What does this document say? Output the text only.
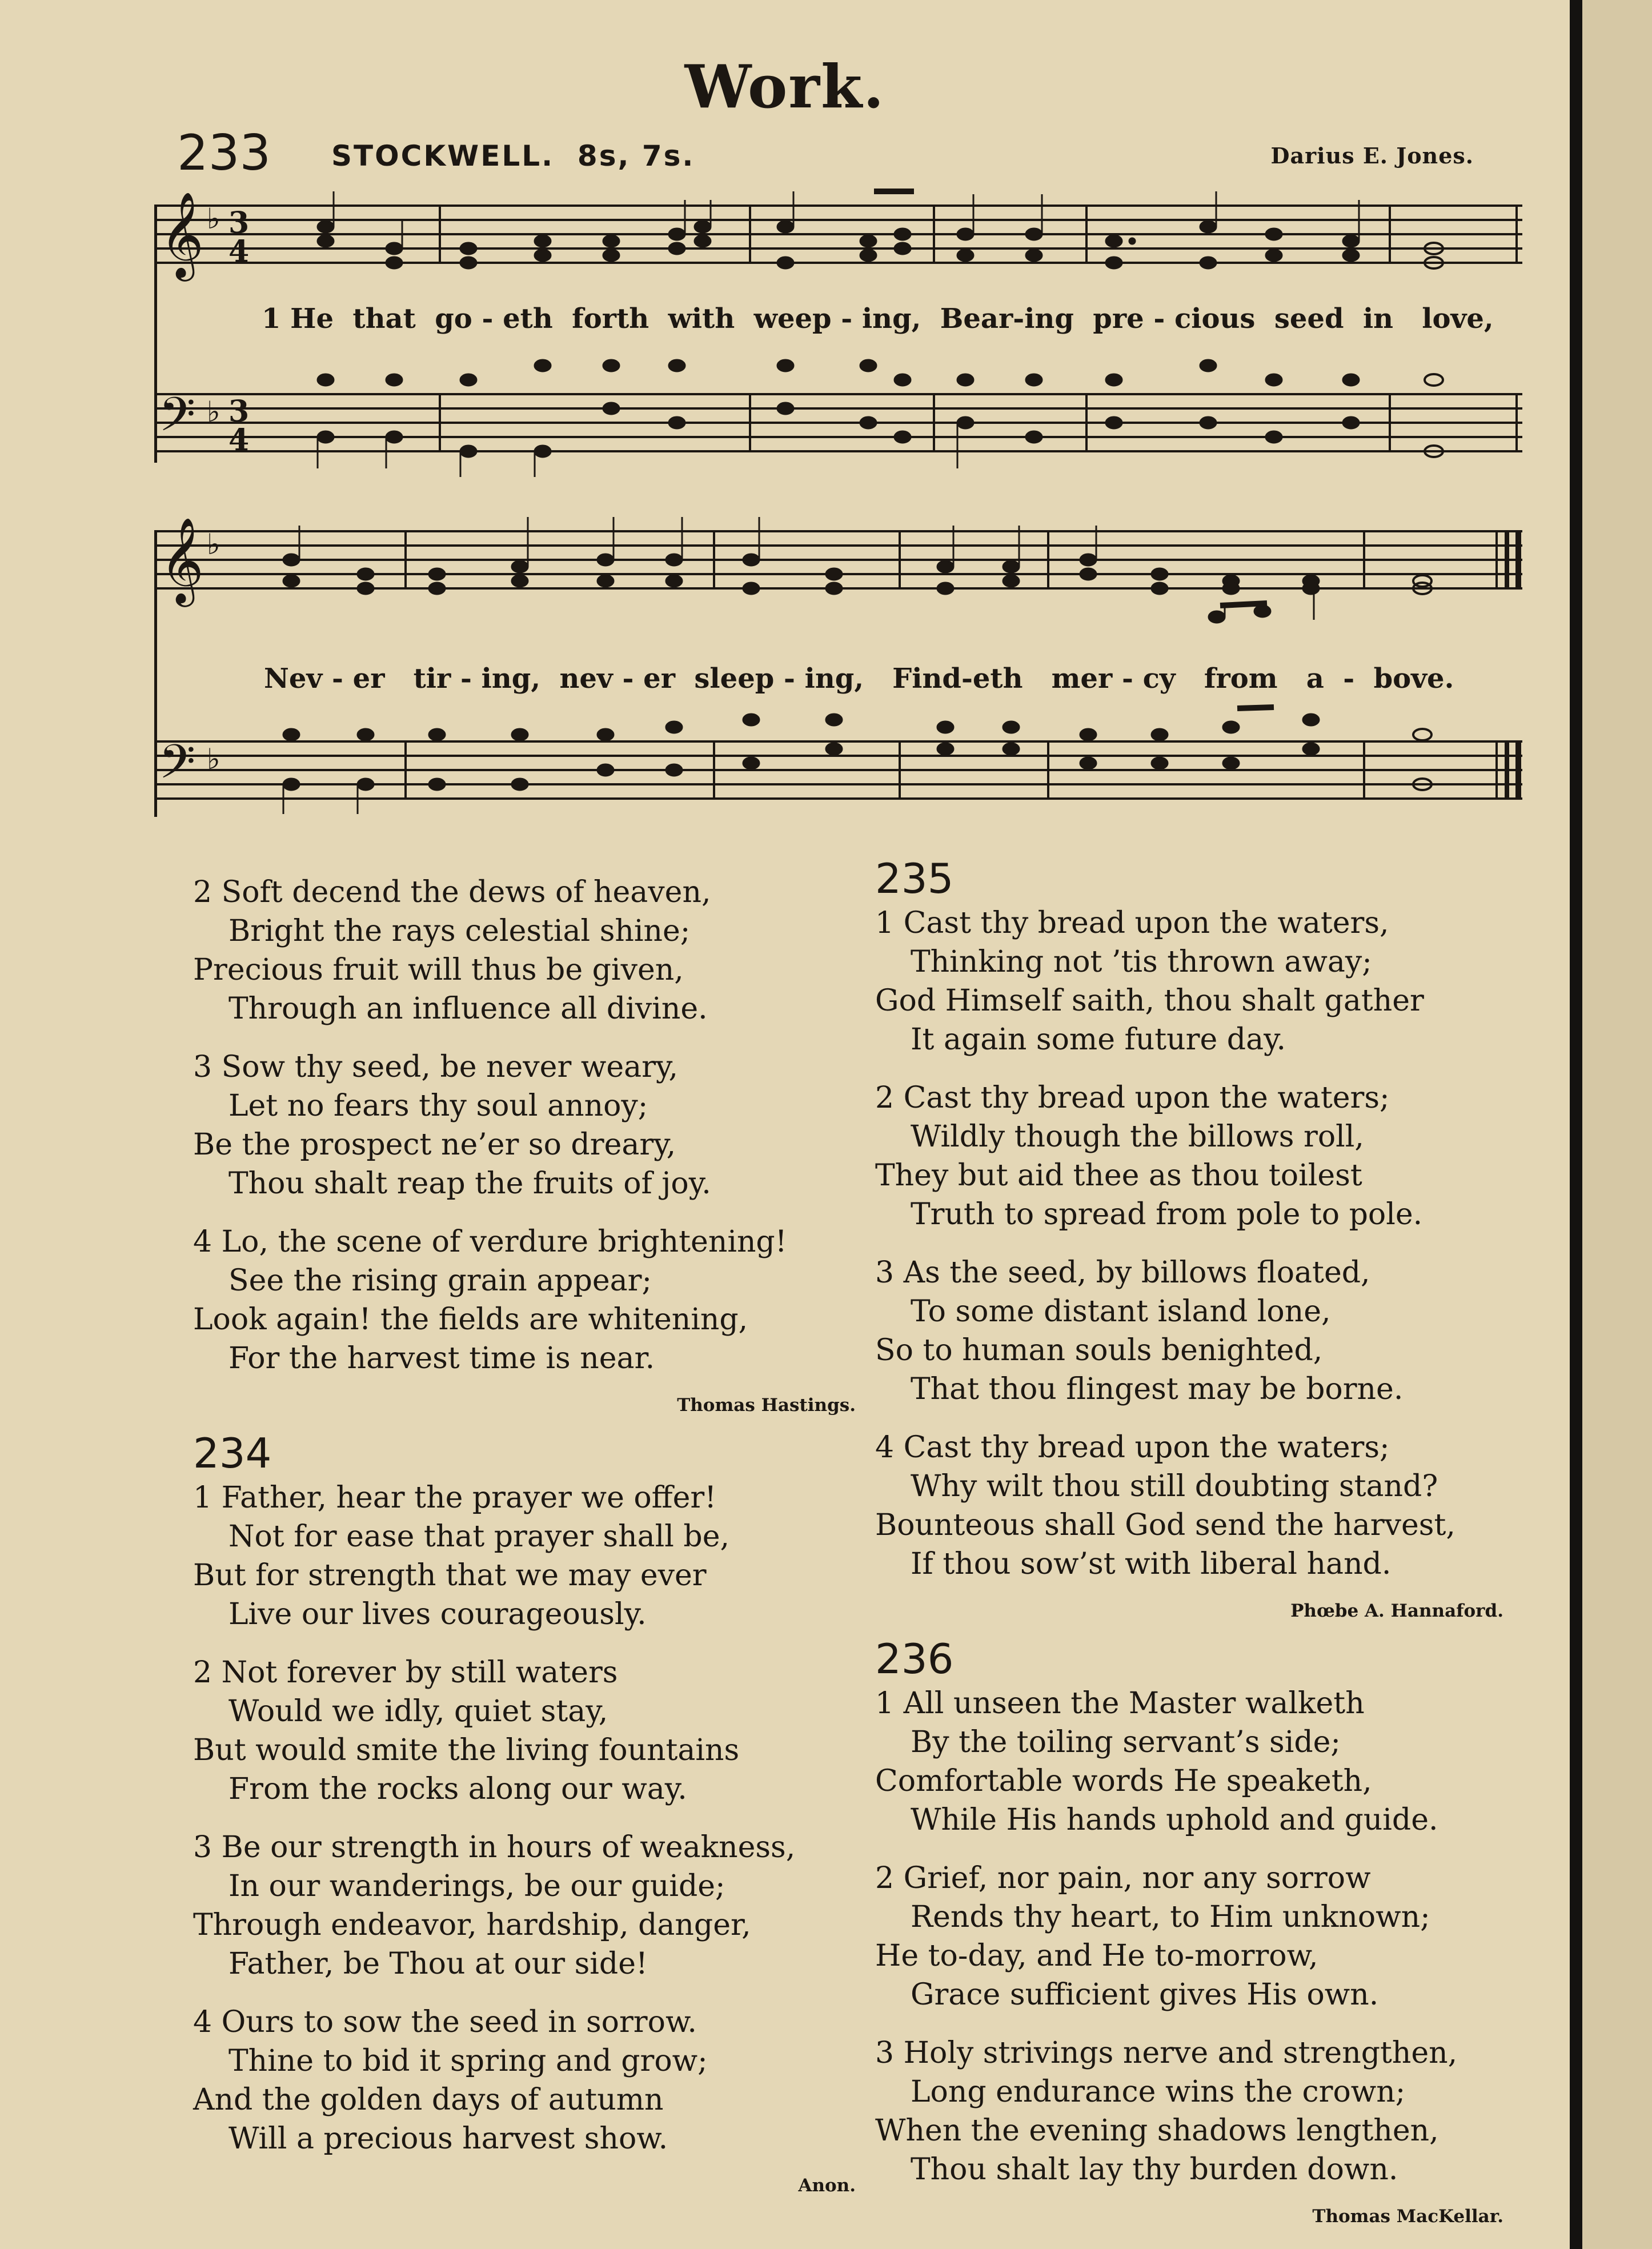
Work.
233 STOCKWELL. 8s, 7s.	Darius E. Jones.
𝄞 ♭ 3
4
𝄢 ♭ 3
4
1 He  that  go - eth  forth  with  weep - ing,  Bear-ing  pre - cious  seed  in   love,
𝄞 ♭
𝄢 ♭
Nev - er   tir - ing,  nev - er  sleep - ing,   Find-eth   mer - cy   from   a  -  bove.
2 Soft decend the dews of heaven,
Bright the rays celestial shine;
Precious fruit will thus be given,
Through an influence all divine.
3 Sow thy seed, be never weary,
Let no fears thy soul annoy;
Be the prospect ne’er so dreary,
Thou shalt reap the fruits of joy.
4 Lo, the scene of verdure brightening!
See the rising grain appear;
Look again! the fields are whitening,
For the harvest time is near.
Thomas Hastings.
234
1 Father, hear the prayer we offer!
Not for ease that prayer shall be,
But for strength that we may ever
Live our lives courageously.
2 Not forever by still waters
Would we idly, quiet stay,
But would smite the living fountains
From the rocks along our way.
3 Be our strength in hours of weakness,
In our wanderings, be our guide;
Through endeavor, hardship, danger,
Father, be Thou at our side!
4 Ours to sow the seed in sorrow.
Thine to bid it spring and grow;
And the golden days of autumn
Will a precious harvest show.
Anon.
235
1 Cast thy bread upon the waters,
Thinking not ’tis thrown away;
God Himself saith, thou shalt gather
It again some future day.
2 Cast thy bread upon the waters;
Wildly though the billows roll,
They but aid thee as thou toilest
Truth to spread from pole to pole.
3 As the seed, by billows floated,
To some distant island lone,
So to human souls benighted,
That thou flingest may be borne.
4 Cast thy bread upon the waters;
Why wilt thou still doubting stand?
Bounteous shall God send the harvest,
If thou sow’st with liberal hand.
Phœbe A. Hannaford.
236
1 All unseen the Master walketh
By the toiling servant’s side;
Comfortable words He speaketh,
While His hands uphold and guide.
2 Grief, nor pain, nor any sorrow
Rends thy heart, to Him unknown;
He to-day, and He to-morrow,
Grace sufficient gives His own.
3 Holy strivings nerve and strengthen,
Long endurance wins the crown;
When the evening shadows lengthen,
Thou shalt lay thy burden down.
Thomas MacKellar.
